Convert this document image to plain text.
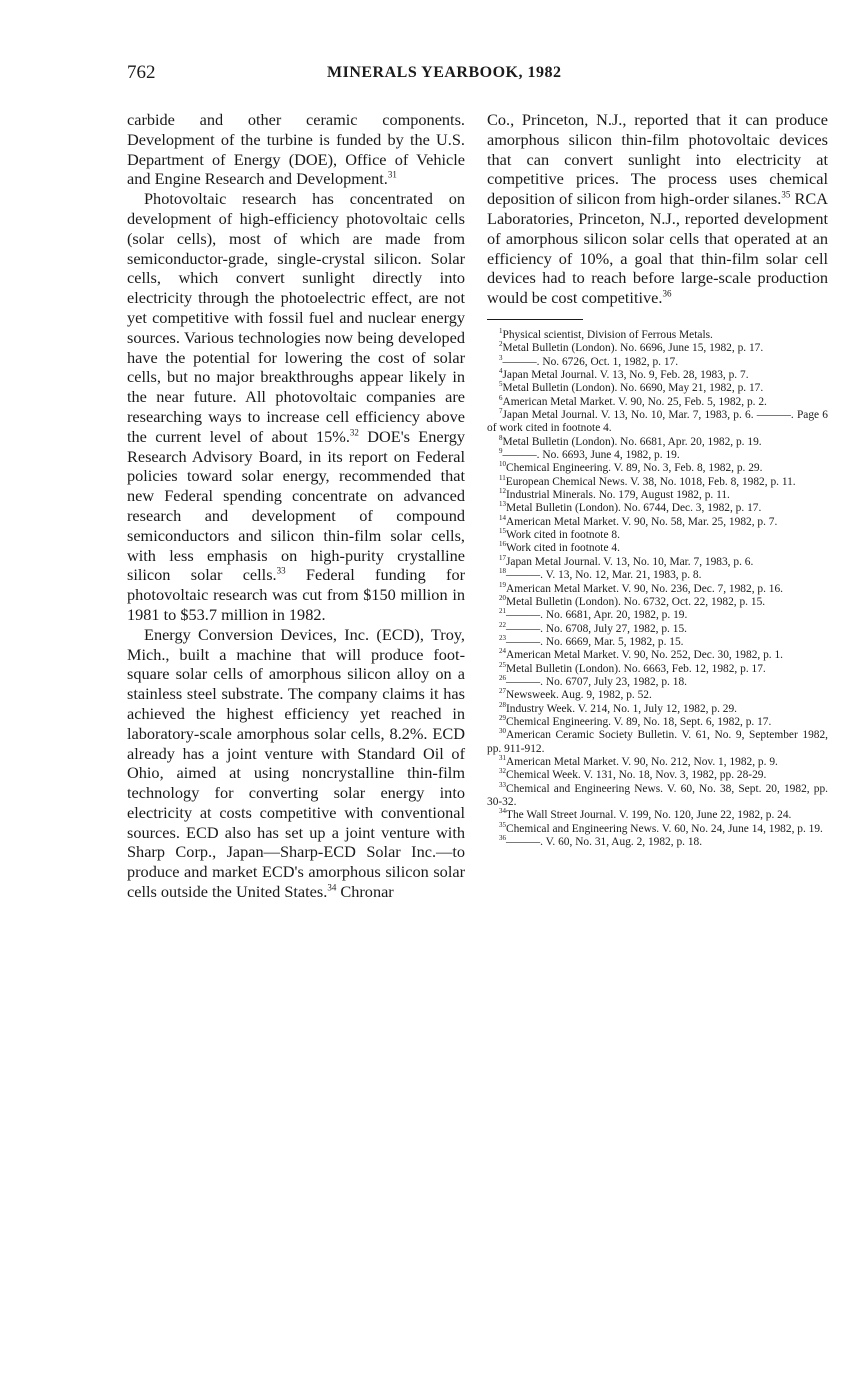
762	MINERALS YEARBOOK, 1982

carbide and other ceramic components. Development of the turbine is funded by the U.S. Department of Energy (DOE), Office of Vehicle and Engine Research and Development.$^{31}$

Photovoltaic research has concentrated on development of high-efficiency photovoltaic cells (solar cells), most of which are made from semiconductor-grade, single-crystal silicon. Solar cells, which convert sunlight directly into electricity through the photoelectric effect, are not yet competitive with fossil fuel and nuclear energy sources. Various technologies now being developed have the potential for lowering the cost of solar cells, but no major breakthroughs appear likely in the near future. All photovoltaic companies are researching ways to increase cell efficiency above the current level of about 15%.$^{32}$ DOE's Energy Research Advisory Board, in its report on Federal policies toward solar energy, recommended that new Federal spending concentrate on advanced research and development of compound semiconductors and silicon thin-film solar cells, with less emphasis on high-purity crystalline silicon solar cells.$^{33}$ Federal funding for photovoltaic research was cut from $150 million in 1981 to $53.7 million in 1982.

Energy Conversion Devices, Inc. (ECD), Troy, Mich., built a machine that will produce foot-square solar cells of amorphous silicon alloy on a stainless steel substrate. The company claims it has achieved the highest efficiency yet reached in laboratory-scale amorphous solar cells, 8.2%. ECD already has a joint venture with Standard Oil of Ohio, aimed at using noncrystalline thin-film technology for converting solar energy into electricity at costs competitive with conventional sources. ECD also has set up a joint venture with Sharp Corp., Japan—Sharp-ECD Solar Inc.—to produce and market ECD's amorphous silicon solar cells outside the United States.$^{34}$ Chronar

Co., Princeton, N.J., reported that it can produce amorphous silicon thin-film photovoltaic devices that can convert sunlight into electricity at competitive prices. The process uses chemical deposition of silicon from high-order silanes.$^{35}$ RCA Laboratories, Princeton, N.J., reported development of amorphous silicon solar cells that operated at an efficiency of 10%, a goal that thin-film solar cell devices had to reach before large-scale production would be cost competitive.$^{36}$

$^1$Physical scientist, Division of Ferrous Metals.

$^2$Metal Bulletin (London). No. 6696, June 15, 1982, p. 17.

$^3$———. No. 6726, Oct. 1, 1982, p. 17.

$^4$Japan Metal Journal. V. 13, No. 9, Feb. 28, 1983, p. 7.

$^5$Metal Bulletin (London). No. 6690, May 21, 1982, p. 17.

$^6$American Metal Market. V. 90, No. 25, Feb. 5, 1982, p. 2.

$^7$Japan Metal Journal. V. 13, No. 10, Mar. 7, 1983, p. 6. ———. Page 6 of work cited in footnote 4.

$^8$Metal Bulletin (London). No. 6681, Apr. 20, 1982, p. 19.

$^9$———. No. 6693, June 4, 1982, p. 19.

$^{10}$Chemical Engineering. V. 89, No. 3, Feb. 8, 1982, p. 29.

$^{11}$European Chemical News. V. 38, No. 1018, Feb. 8, 1982, p. 11.

$^{12}$Industrial Minerals. No. 179, August 1982, p. 11.

$^{13}$Metal Bulletin (London). No. 6744, Dec. 3, 1982, p. 17.

$^{14}$American Metal Market. V. 90, No. 58, Mar. 25, 1982, p. 7.

$^{15}$Work cited in footnote 8.

$^{16}$Work cited in footnote 4.

$^{17}$Japan Metal Journal. V. 13, No. 10, Mar. 7, 1983, p. 6.

$^{18}$———. V. 13, No. 12, Mar. 21, 1983, p. 8.

$^{19}$American Metal Market. V. 90, No. 236, Dec. 7, 1982, p. 16.

$^{20}$Metal Bulletin (London). No. 6732, Oct. 22, 1982, p. 15.

$^{21}$———. No. 6681, Apr. 20, 1982, p. 19.

$^{22}$———. No. 6708, July 27, 1982, p. 15.

$^{23}$———. No. 6669, Mar. 5, 1982, p. 15.

$^{24}$American Metal Market. V. 90, No. 252, Dec. 30, 1982, p. 1.

$^{25}$Metal Bulletin (London). No. 6663, Feb. 12, 1982, p. 17.

$^{26}$———. No. 6707, July 23, 1982, p. 18.

$^{27}$Newsweek. Aug. 9, 1982, p. 52.

$^{28}$Industry Week. V. 214, No. 1, July 12, 1982, p. 29.

$^{29}$Chemical Engineering. V. 89, No. 18, Sept. 6, 1982, p. 17.

$^{30}$American Ceramic Society Bulletin. V. 61, No. 9, September 1982, pp. 911-912.

$^{31}$American Metal Market. V. 90, No. 212, Nov. 1, 1982, p. 9.

$^{32}$Chemical Week. V. 131, No. 18, Nov. 3, 1982, pp. 28-29.

$^{33}$Chemical and Engineering News. V. 60, No. 38, Sept. 20, 1982, pp. 30-32.

$^{34}$The Wall Street Journal. V. 199, No. 120, June 22, 1982, p. 24.

$^{35}$Chemical and Engineering News. V. 60, No. 24, June 14, 1982, p. 19.

$^{36}$———. V. 60, No. 31, Aug. 2, 1982, p. 18.
